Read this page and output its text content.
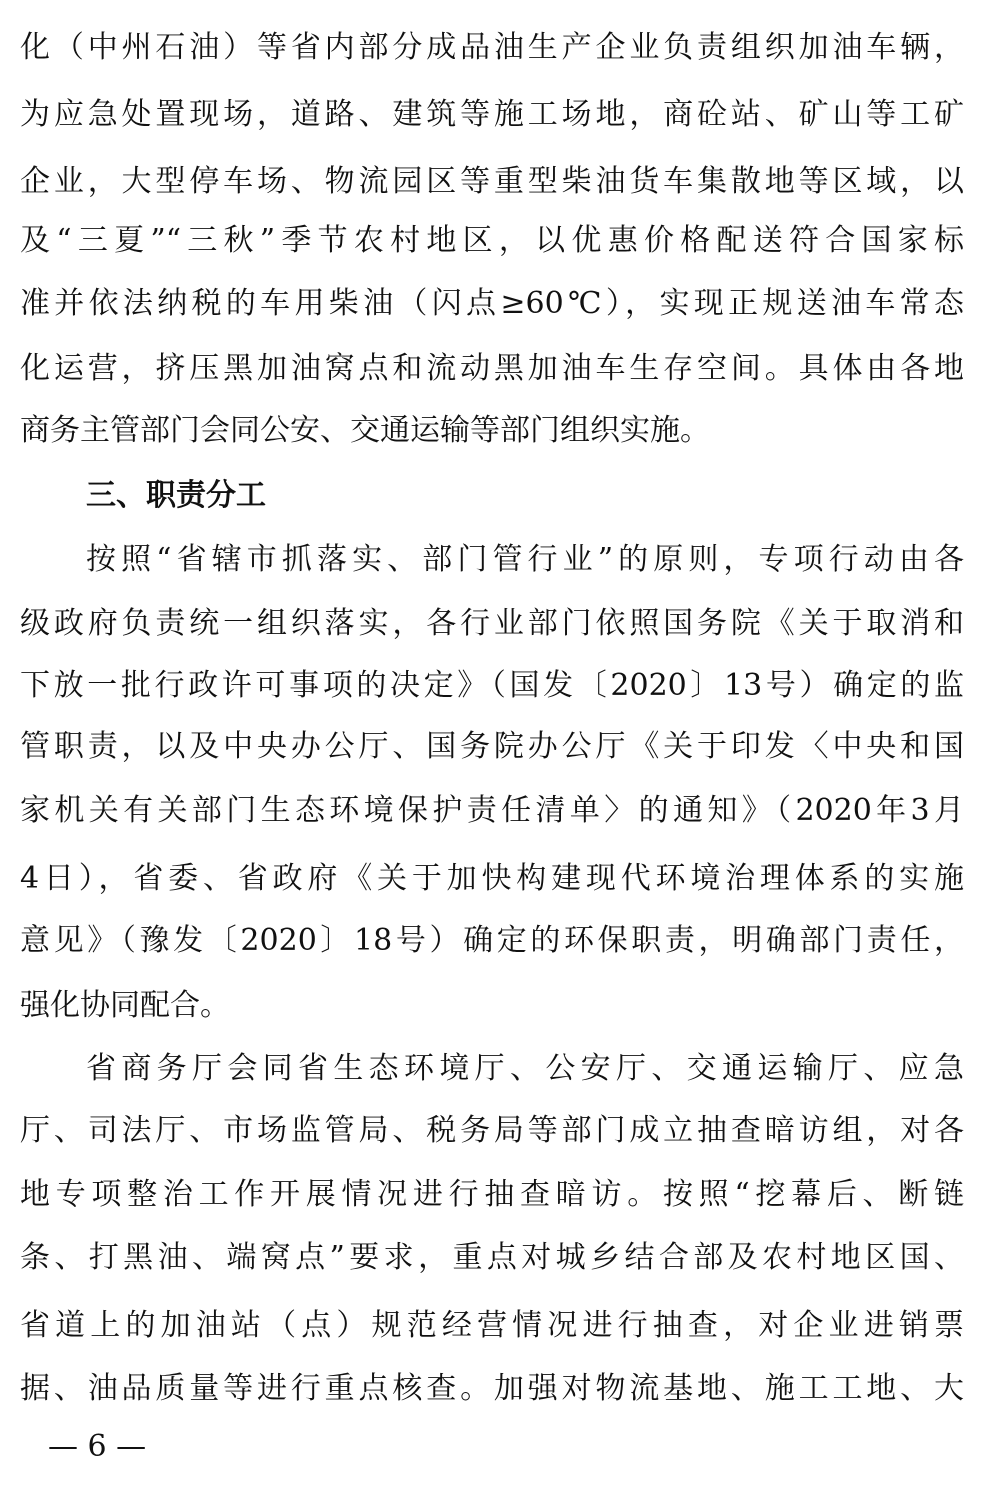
化（中州石油）等省内部分成品油生产企业负责组织加油车辆，
为应急处置现场，道路、建筑等施工场地，商砼站、矿山等工矿
企业，大型停车场、物流园区等重型柴油货车集散地等区域，以
及“三夏”“三秋”季节农村地区，以优惠价格配送符合国家标
准并依法纳税的车用柴油（闪点≥60℃），实现正规送油车常态
化运营，挤压黑加油窝点和流动黑加油车生存空间。具体由各地
商务主管部门会同公安、交通运输等部门组织实施。
三、职责分工
按照“省辖市抓落实、部门管行业”的原则，专项行动由各
级政府负责统一组织落实，各行业部门依照国务院《关于取消和
下放一批行政许可事项的决定》（国发〔2020〕13号）确定的监
管职责，以及中央办公厅、国务院办公厅《关于印发〈中央和国
家机关有关部门生态环境保护责任清单〉的通知》（2020年3月
4日），省委、省政府《关于加快构建现代环境治理体系的实施
意见》（豫发〔2020〕18号）确定的环保职责，明确部门责任，
强化协同配合。
省商务厅会同省生态环境厅、公安厅、交通运输厅、应急
厅、司法厅、市场监管局、税务局等部门成立抽查暗访组，对各
地专项整治工作开展情况进行抽查暗访。按照“挖幕后、断链
条、打黑油、端窝点”要求，重点对城乡结合部及农村地区国、
省道上的加油站（点）规范经营情况进行抽查，对企业进销票
据、油品质量等进行重点核查。加强对物流基地、施工工地、大
— 6 —
